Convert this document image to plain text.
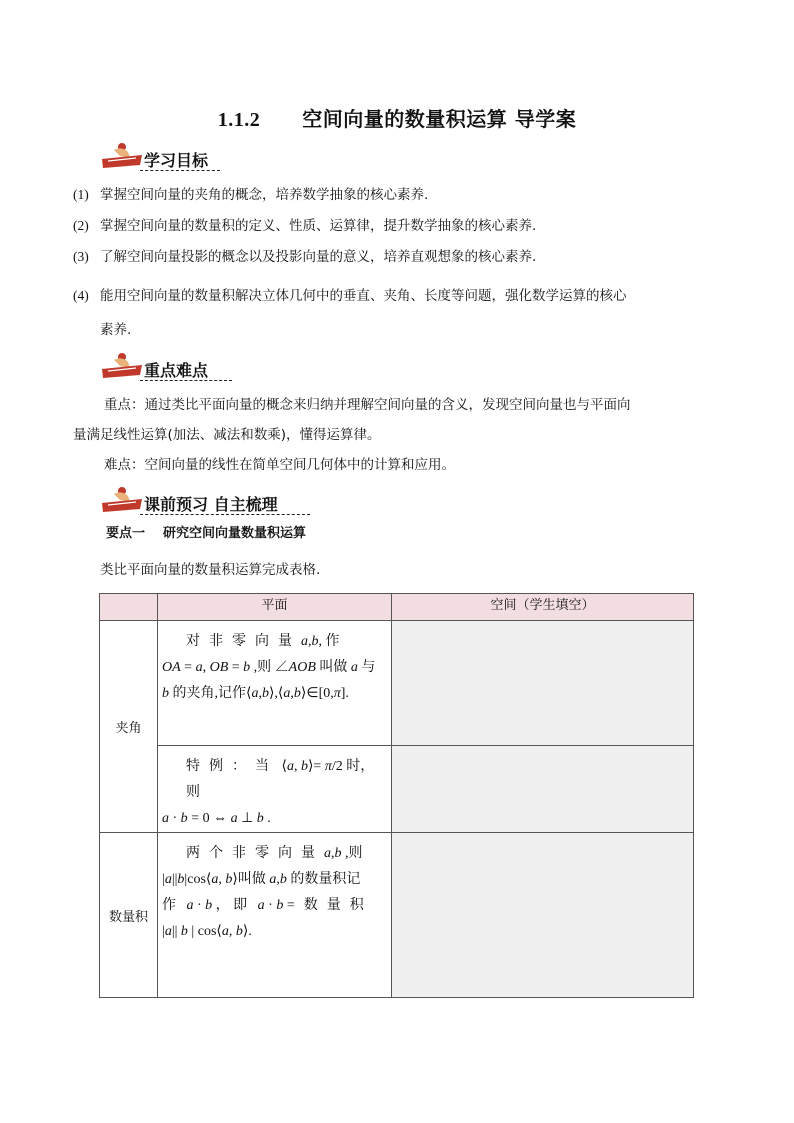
1.1.2 空间向量的数量积运算 导学案
学习目标
(1) 掌握空间向量的夹角的概念，培养数学抽象的核心素养.
(2) 掌握空间向量的数量积的定义、性质、运算律，提升数学抽象的核心素养.
(3) 了解空间向量投影的概念以及投影向量的意义，培养直观想象的核心素养.
(4) 能用空间向量的数量积解决立体几何中的垂直、夹角、长度等问题，强化数学运算的核心
素养.
重点难点
重点：通过类比平面向量的概念来归纳并理解空间向量的含义，发现空间向量也与平面向
量满足线性运算(加法、减法和数乘)，懂得运算律。
难点：空间向量的线性在简单空间几何体中的计算和应用。
课前预习 自主梳理
要点一 研究空间向量数量积运算
类比平面向量的数量积运算完成表格.
	平面	空间（学生填空）
夹角	对非零向量a,b, 作
OA = a, OB = b ,则 ∠AOB 叫做 a 与
b 的夹角,记作⟨a,b⟩,⟨a,b⟩∈[0,π].	

	特例：当 ⟨a, b⟩= π/2 时，则
a · b = 0 ⇔ a ⊥ b .	

数量积	两个非零向量a,b ,则
|a||b|cos⟨a, b⟩叫做 a,b 的数量积记
作 a · b ， 即 a · b =数量积
|a|| b | cos⟨a, b⟩.	
